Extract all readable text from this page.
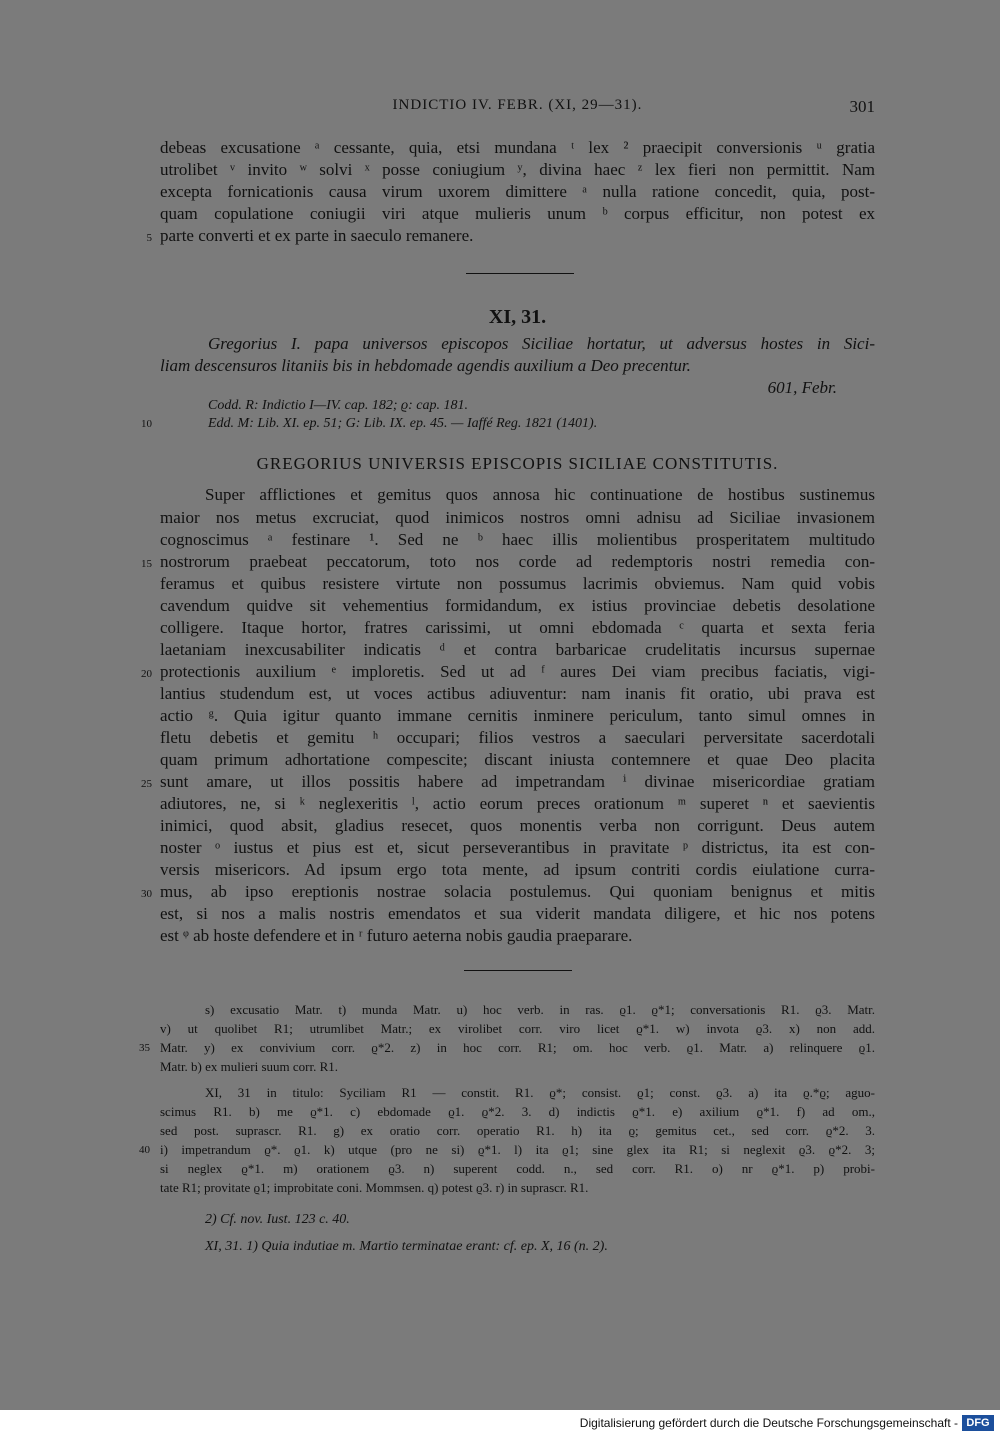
INDICTIO IV. FEBR. (XI, 29—31).	301
debeas excusatione ᵃ cessante, quia, etsi mundana ᵗ lex ² praecipit conversionis ᵘ gratia
utrolibet ᵛ invito ʷ solvi ˣ posse coniugium ʸ, divina haec ᶻ lex fieri non permittit. Nam
excepta fornicationis causa virum uxorem dimittere ᵃ nulla ratione concedit, quia, post-
quam copulatione coniugii viri atque mulieris unum ᵇ corpus efficitur, non potest ex
parte converti et ex parte in saeculo remanere.
5
XI, 31.
Gregorius I. papa universos episcopos Siciliae hortatur, ut adversus hostes in Sici-
liam descensuros litaniis bis in hebdomade agendis auxilium a Deo precentur.
601, Febr.
Codd. R: Indictio I—IV. cap. 182; ϱ: cap. 181.
Edd. M: Lib. XI. ep. 51; G: Lib. IX. ep. 45. — Iaffé Reg. 1821 (1401).
10
GREGORIUS UNIVERSIS EPISCOPIS SICILIAE CONSTITUTIS.
Super afflictiones et gemitus quos annosa hic continuatione de hostibus sustinemus
maior nos metus excruciat, quod inimicos nostros omni adnisu ad Siciliae invasionem
cognoscimus ᵃ festinare ¹. Sed ne ᵇ haec illis molientibus prosperitatem multitudo
nostrorum praebeat peccatorum, toto nos corde ad redemptoris nostri remedia con-
15
feramus et quibus resistere virtute non possumus lacrimis obviemus. Nam quid vobis
cavendum quidve sit vehementius formidandum, ex istius provinciae debetis desolatione
colligere. Itaque hortor, fratres carissimi, ut omni ebdomada ᶜ quarta et sexta feria
laetaniam inexcusabiliter indicatis ᵈ et contra barbaricae crudelitatis incursus supernae
protectionis auxilium ᵉ imploretis. Sed ut ad ᶠ aures Dei viam precibus faciatis, vigi-
20
lantius studendum est, ut voces actibus adiuventur: nam inanis fit oratio, ubi prava est
actio ᵍ. Quia igitur quanto immane cernitis inminere periculum, tanto simul omnes in
fletu debetis et gemitu ʰ occupari; filios vestros a saeculari perversitate sacerdotali
quam primum adhortatione compescite; discant iniusta contemnere et quae Deo placita
sunt amare, ut illos possitis habere ad impetrandam ⁱ divinae misericordiae gratiam
25
adiutores, ne, si ᵏ neglexeritis ˡ, actio eorum preces orationum ᵐ superet ⁿ et saevientis
inimici, quod absit, gladius resecet, quos monentis verba non corrigunt. Deus autem
noster ᵒ iustus et pius est et, sicut perseverantibus in pravitate ᵖ districtus, ita est con-
versis misericors. Ad ipsum ergo tota mente, ad ipsum contriti cordis eiulatione curra-
mus, ab ipso ereptionis nostrae solacia postulemus. Qui quoniam benignus et mitis
30
est, si nos a malis nostris emendatos et sua viderit mandata diligere, et hic nos potens
est ᵠ ab hoste defendere et in ʳ futuro aeterna nobis gaudia praeparare.
s) excusatio Matr. t) munda Matr. u) hoc verb. in ras. ϱ1. ϱ*1; conversationis R1. ϱ3. Matr.
v) ut quolibet R1; utrumlibet Matr.; ex virolibet corr. viro licet ϱ*1. w) invota ϱ3. x) non add.
Matr. y) ex convivium corr. ϱ*2. z) in hoc corr. R1; om. hoc verb. ϱ1. Matr. a) relinquere ϱ1.
35
Matr. b) ex mulieri suum corr. R1.
XI, 31 in titulo: Syciliam R1 — constit. R1. ϱ*; consist. ϱ1; const. ϱ3. a) ita ϱ.*ϱ; aguo-
scimus R1. b) me ϱ*1. c) ebdomade ϱ1. ϱ*2. 3. d) indictis ϱ*1. e) axilium ϱ*1. f) ad om.,
sed post. suprascr. R1. g) ex oratio corr. operatio R1. h) ita ϱ; gemitus cet., sed corr. ϱ*2. 3.
i) impetrandum ϱ*. ϱ1. k) utque (pro ne si) ϱ*1. l) ita ϱ1; sine glex ita R1; si neglexit ϱ3. ϱ*2. 3;
40
si neglex ϱ*1. m) orationem ϱ3. n) superent codd. n., sed corr. R1. o) nr ϱ*1. p) probi-
tate R1; provitate ϱ1; improbitate coni. Mommsen. q) potest ϱ3. r) in suprascr. R1.
2) Cf. nov. Iust. 123 c. 40.
XI, 31. 1) Quia indutiae m. Martio terminatae erant: cf. ep. X, 16 (n. 2).
Digitalisierung gefördert durch die Deutsche Forschungsgemeinschaft - DFG
